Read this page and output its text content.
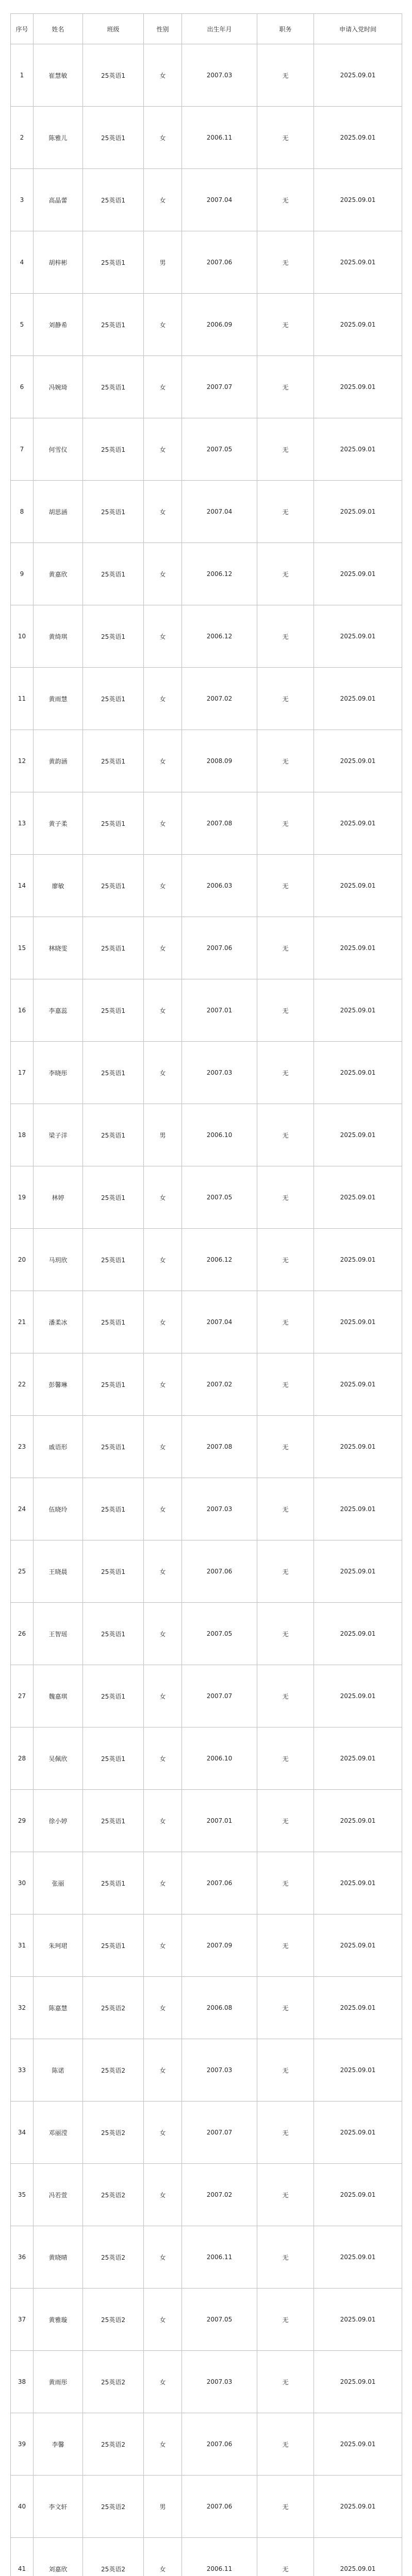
序号	姓名	班级	性别	出生年月	职务	申请入党时间
1	崔慧敏	25英语1	女	2007.03	无	2025.09.01
2	陈雅儿	25英语1	女	2006.11	无	2025.09.01
3	高晶蕾	25英语1	女	2007.04	无	2025.09.01
4	胡梓彬	25英语1	男	2007.06	无	2025.09.01
5	刘静希	25英语1	女	2006.09	无	2025.09.01
6	冯婉琦	25英语1	女	2007.07	无	2025.09.01
7	何雪仪	25英语1	女	2007.05	无	2025.09.01
8	胡思涵	25英语1	女	2007.04	无	2025.09.01
9	黄嘉欣	25英语1	女	2006.12	无	2025.09.01
10	黄绮琪	25英语1	女	2006.12	无	2025.09.01
11	黄雨慧	25英语1	女	2007.02	无	2025.09.01
12	黄韵涵	25英语1	女	2008.09	无	2025.09.01
13	黄子柔	25英语1	女	2007.08	无	2025.09.01
14	廖敏	25英语1	女	2006.03	无	2025.09.01
15	林晓雯	25英语1	女	2007.06	无	2025.09.01
16	李嘉蕊	25英语1	女	2007.01	无	2025.09.01
17	李晓彤	25英语1	女	2007.03	无	2025.09.01
18	梁子洋	25英语1	男	2006.10	无	2025.09.01
19	林婷	25英语1	女	2007.05	无	2025.09.01
20	马玥欣	25英语1	女	2006.12	无	2025.09.01
21	潘柔冰	25英语1	女	2007.04	无	2025.09.01
22	彭馨琳	25英语1	女	2007.02	无	2025.09.01
23	戚语形	25英语1	女	2007.08	无	2025.09.01
24	伍晓玲	25英语1	女	2007.03	无	2025.09.01
25	王晓晨	25英语1	女	2007.06	无	2025.09.01
26	王智瑶	25英语1	女	2007.05	无	2025.09.01
27	魏嘉琪	25英语1	女	2007.07	无	2025.09.01
28	吴佩欣	25英语1	女	2006.10	无	2025.09.01
29	徐小婷	25英语1	女	2007.01	无	2025.09.01
30	张丽	25英语1	女	2007.06	无	2025.09.01
31	朱珂珺	25英语1	女	2007.09	无	2025.09.01
32	陈嘉慧	25英语2	女	2006.08	无	2025.09.01
33	陈诺	25英语2	女	2007.03	无	2025.09.01
34	邓丽滢	25英语2	女	2007.07	无	2025.09.01
35	冯若萱	25英语2	女	2007.02	无	2025.09.01
36	黄晓晴	25英语2	女	2006.11	无	2025.09.01
37	黄雅璇	25英语2	女	2007.05	无	2025.09.01
38	黄雨彤	25英语2	女	2007.03	无	2025.09.01
39	李馨	25英语2	女	2007.06	无	2025.09.01
40	李文轩	25英语2	男	2007.06	无	2025.09.01
41	刘嘉欣	25英语2	女	2006.11	无	2025.09.01
